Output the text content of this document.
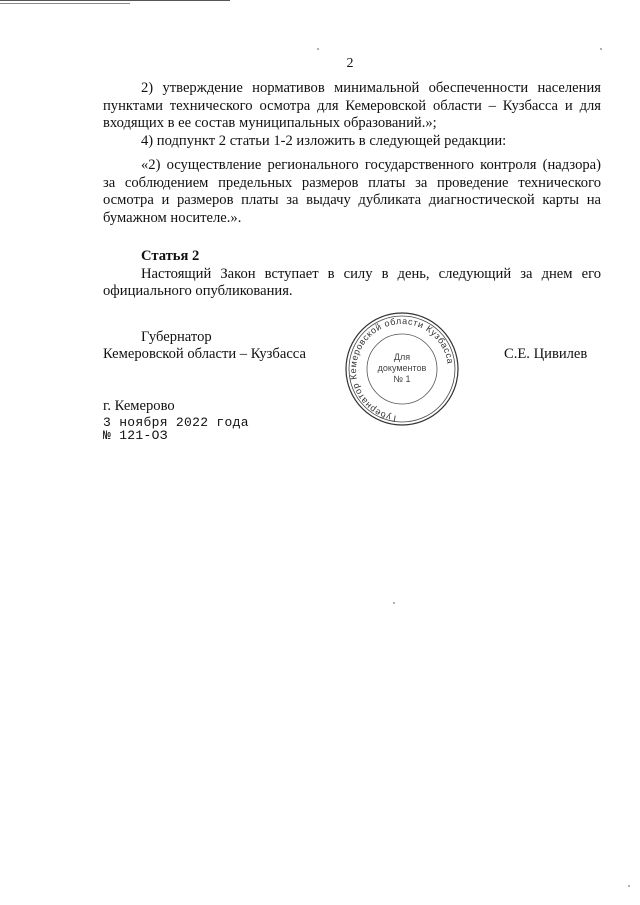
2

2) утверждение нормативов минимальной обеспеченности населения пунктами технического осмотра для Кемеровской области – Кузбасса и для входящих в ее состав муниципальных образований.»;

4) подпункт 2 статьи 1-2 изложить в следующей редакции:

«2) осуществление регионального государственного контроля (надзора) за соблюдением предельных размеров платы за проведение технического осмотра и размеров платы за выдачу дубликата диагностической карты на бумажном носителе.».

Статья 2

Настоящий Закон вступает в силу в день, следующий за днем его официального опубликования.

Губернатор
Кемеровской области – Кузбасса	С.Е. Цивилев
Губернатор Кемеровской области Кузбасса
Для
документов
№ 1
г. Кемерово
3 ноября 2022 года
№ 121-ОЗ
